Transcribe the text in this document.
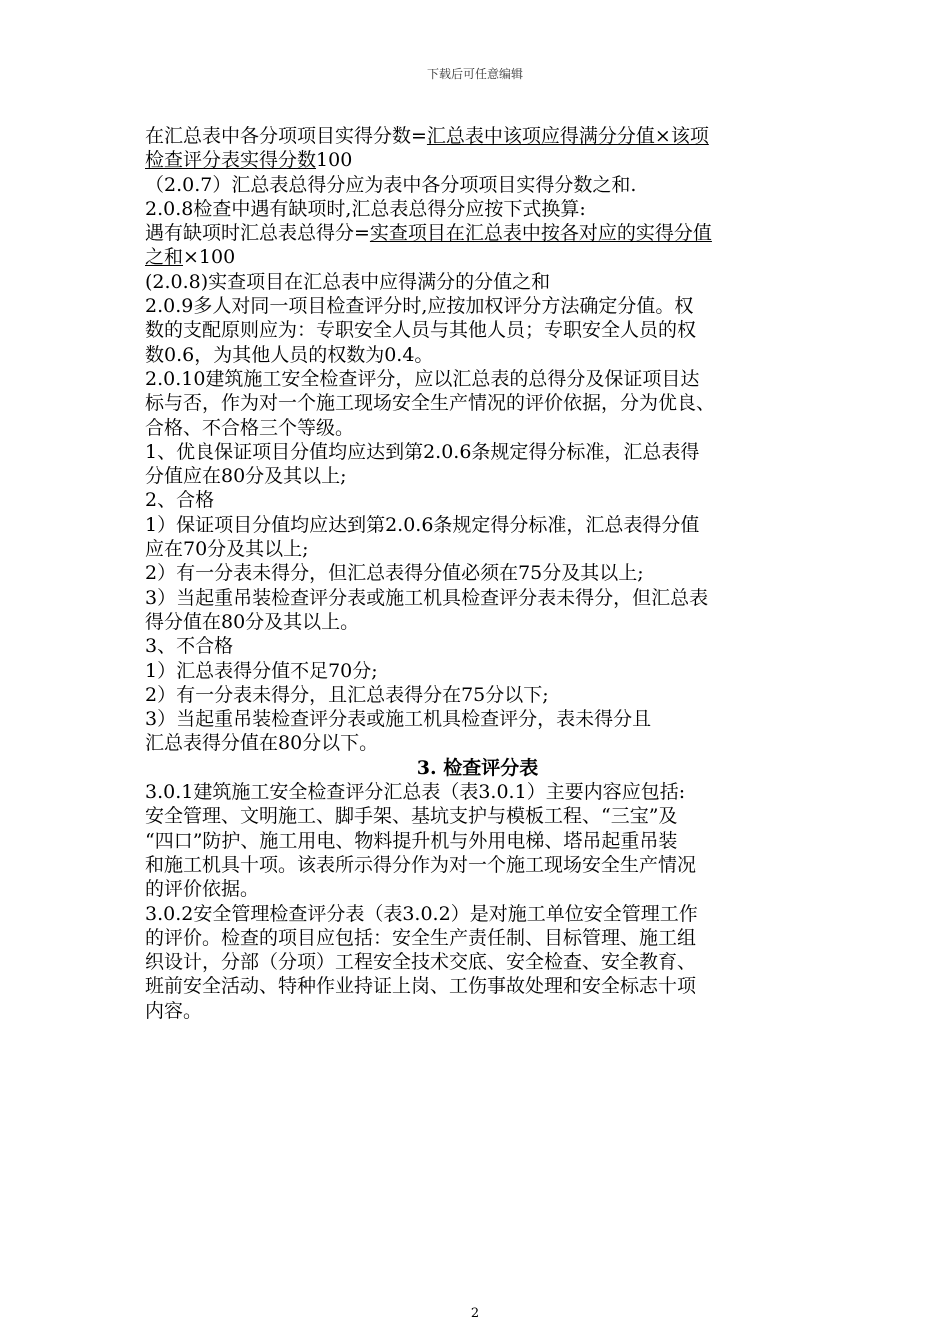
下载后可任意编辑
在汇总表中各分项项目实得分数=汇总表中该项应得满分分值×该项
检查评分表实得分数100
（2.0.7）汇总表总得分应为表中各分项项目实得分数之和.
2.0.8检查中遇有缺项时,汇总表总得分应按下式换算:
遇有缺项时汇总表总得分=实查项目在汇总表中按各对应的实得分值
之和×100
(2.0.8)实查项目在汇总表中应得满分的分值之和
2.0.9多人对同一项目检查评分时,应按加权评分方法确定分值。权
数的支配原则应为：专职安全人员与其他人员；专职安全人员的权
数0.6，为其他人员的权数为0.4。
2.0.10建筑施工安全检查评分，应以汇总表的总得分及保证项目达
标与否，作为对一个施工现场安全生产情况的评价依据，分为优良、
合格、不合格三个等级。
1、优良保证项目分值均应达到第2.0.6条规定得分标准，汇总表得
分值应在80分及其以上;
2、合格
1）保证项目分值均应达到第2.0.6条规定得分标准，汇总表得分值
应在70分及其以上;
2）有一分表未得分，但汇总表得分值必须在75分及其以上;
3）当起重吊装检查评分表或施工机具检查评分表未得分，但汇总表
得分值在80分及其以上。
3、不合格
1）汇总表得分值不足70分;
2）有一分表未得分，且汇总表得分在75分以下;
3）当起重吊装检查评分表或施工机具检查评分，表未得分且
汇总表得分值在80分以下。
3. 检查评分表
3.0.1建筑施工安全检查评分汇总表（表3.0.1）主要内容应包括:
安全管理、文明施工、脚手架、基坑支护与模板工程、“三宝”及
“四口”防护、施工用电、物料提升机与外用电梯、塔吊起重吊装
和施工机具十项。该表所示得分作为对一个施工现场安全生产情况
的评价依据。
3.0.2安全管理检查评分表（表3.0.2）是对施工单位安全管理工作
的评价。检查的项目应包括：安全生产责任制、目标管理、施工组
织设计，分部（分项）工程安全技术交底、安全检查、安全教育、
班前安全活动、特种作业持证上岗、工伤事故处理和安全标志十项
内容。
2
